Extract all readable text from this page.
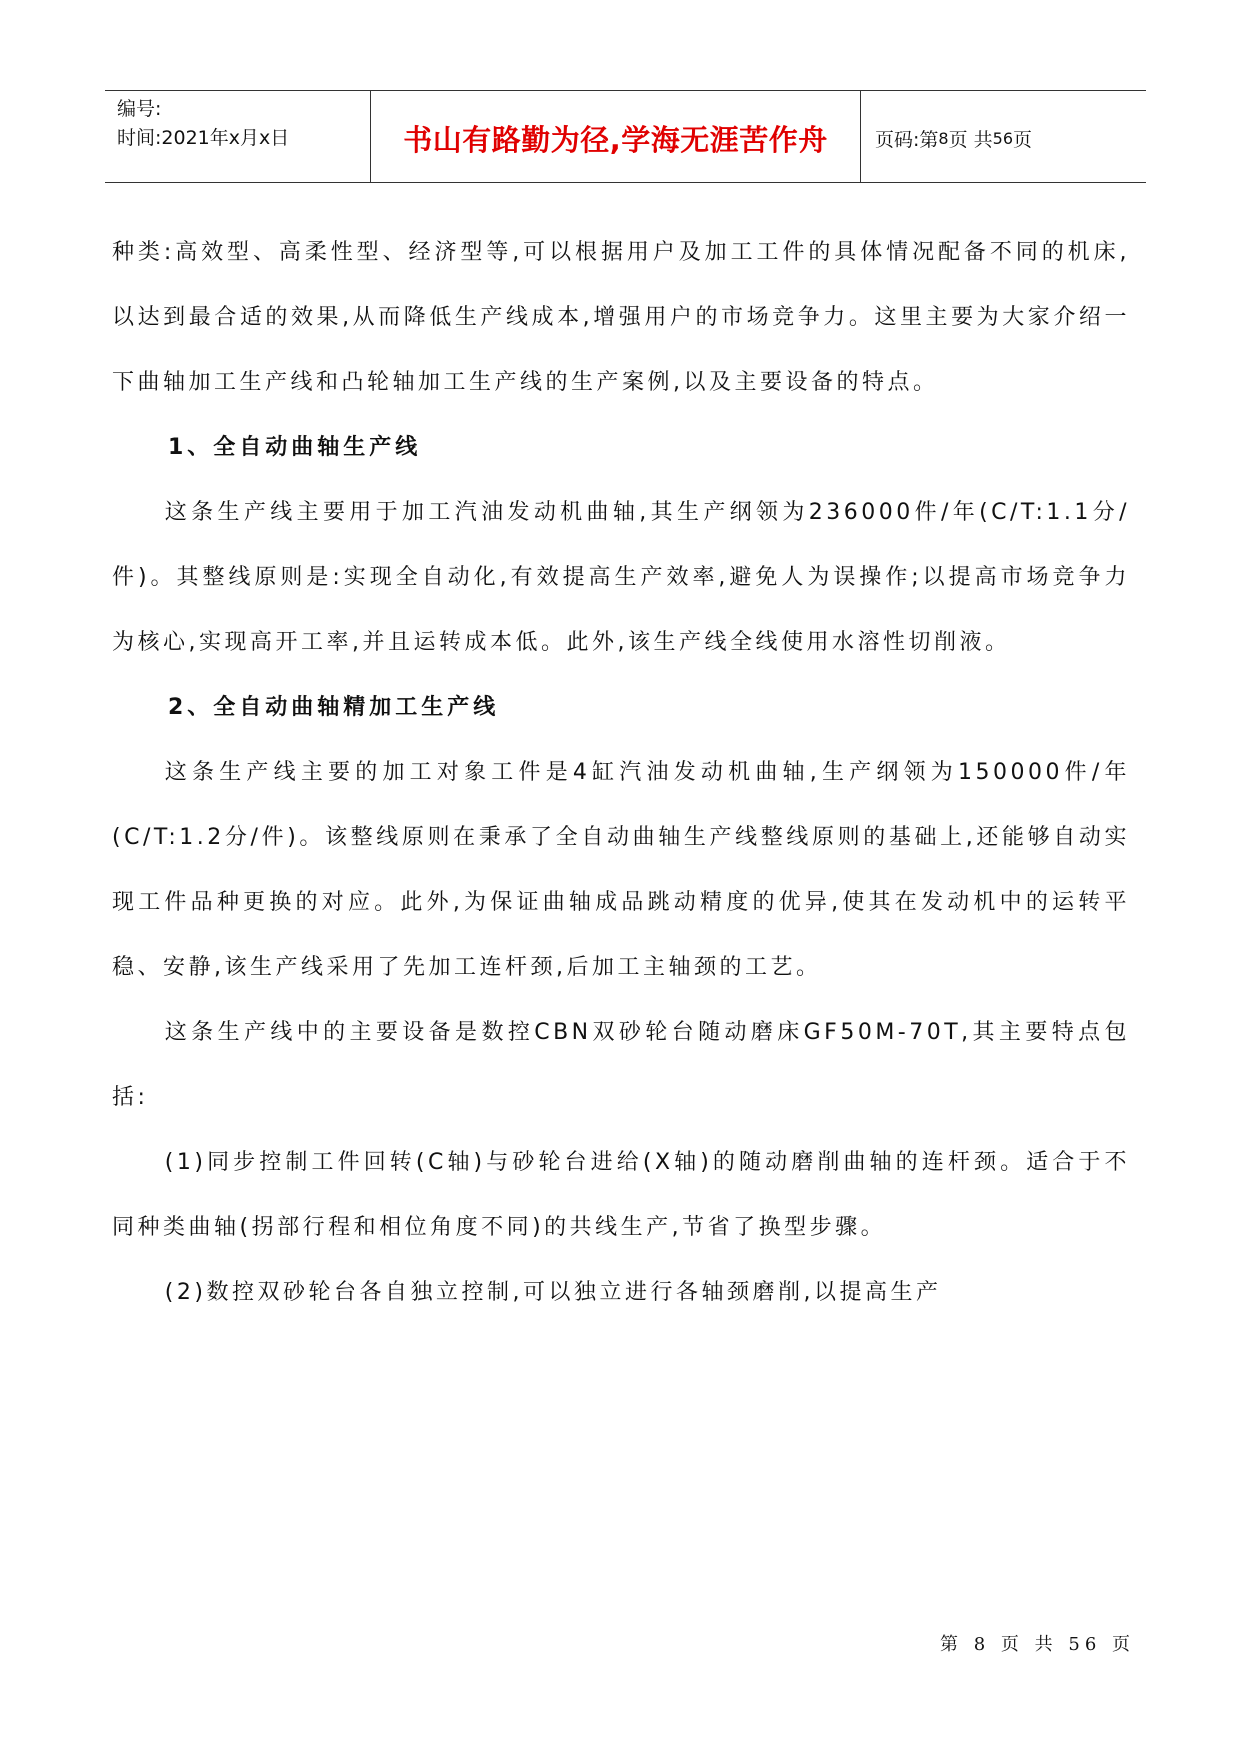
编号:
时间:2021年x月x日	书山有路勤为径,学海无涯苦作舟	页码:第 8 页 共 56 页

种类:高效型、高柔性型、经济型等,可以根据用户及加工工件的具体情况配备不同的机床,以达到最合适的效果,从而降低生产线成本,增强用户的市场竞争力。这里主要为大家介绍一下曲轴加工生产线和凸轮轴加工生产线的生产案例,以及主要设备的特点。

1、全自动曲轴生产线

这条生产线主要用于加工汽油发动机曲轴,其生产纲领为236000件/年(C/T:1.1分/件)。其整线原则是:实现全自动化,有效提高生产效率,避免人为误操作;以提高市场竞争力为核心,实现高开工率,并且运转成本低。此外,该生产线全线使用水溶性切削液。

2、全自动曲轴精加工生产线

这条生产线主要的加工对象工件是4缸汽油发动机曲轴,生产纲领为150000件/年(C/T:1.2分/件)。该整线原则在秉承了全自动曲轴生产线整线原则的基础上,还能够自动实现工件品种更换的对应。此外,为保证曲轴成品跳动精度的优异,使其在发动机中的运转平稳、安静,该生产线采用了先加工连杆颈,后加工主轴颈的工艺。

这条生产线中的主要设备是数控CBN双砂轮台随动磨床GF50M-70T,其主要特点包括:

(1)同步控制工件回转(C轴)与砂轮台进给(X轴)的随动磨削曲轴的连杆颈。适合于不同种类曲轴(拐部行程和相位角度不同)的共线生产,节省了换型步骤。

(2)数控双砂轮台各自独立控制,可以独立进行各轴颈磨削,以提高生产

第 8 页 共 56 页
